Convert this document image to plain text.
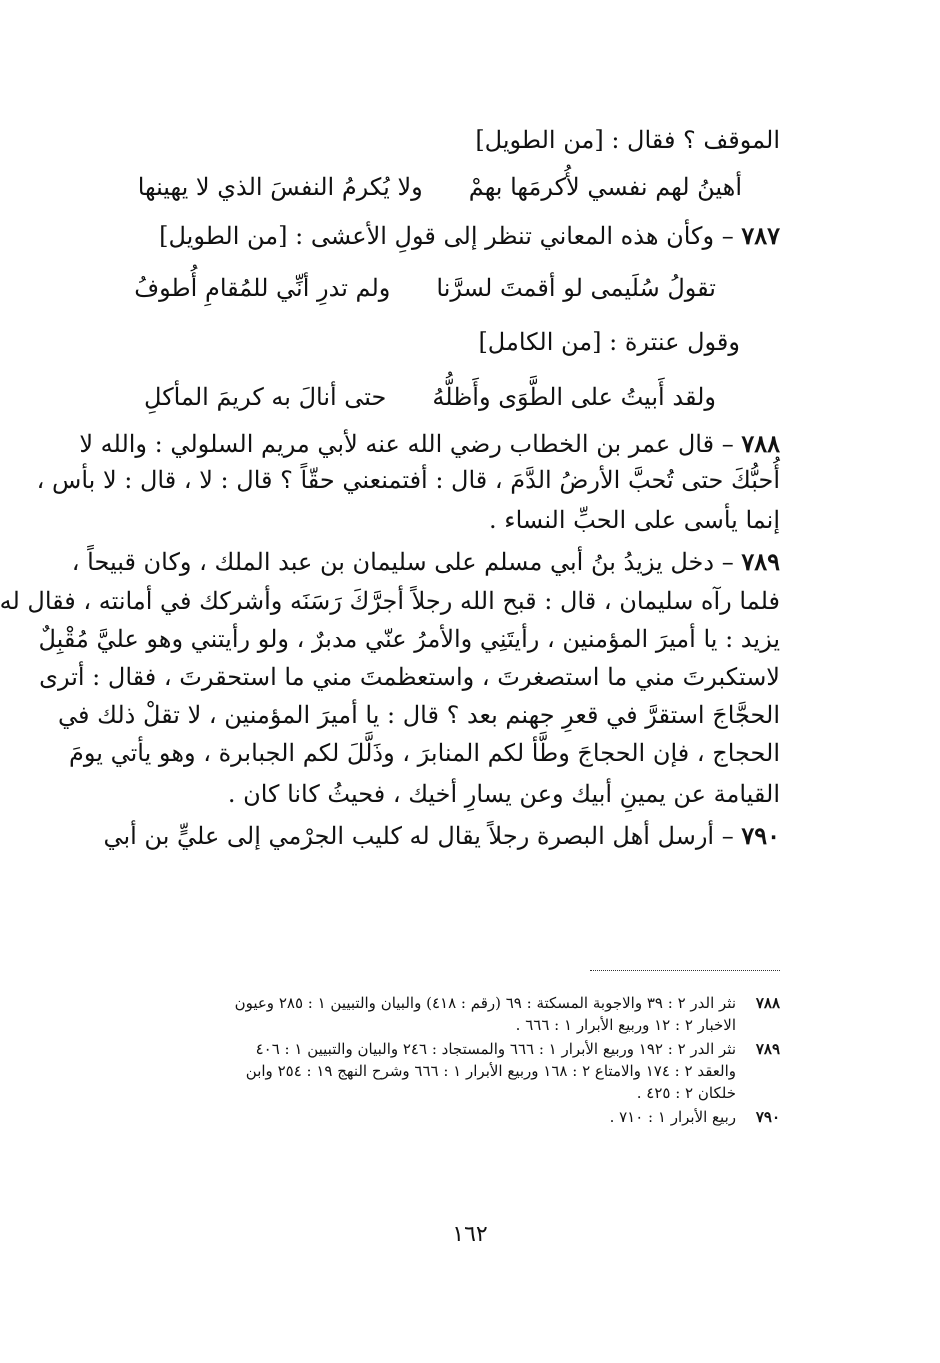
الموقف ؟ فقال : [من الطويل]
أهينُ لهم نفسي لأُكرمَها بهمْ
ولا يُكرمُ النفسَ الذي لا يهينها
٧٨٧ – وكأن هذه المعاني تنظر إلى قولِ الأعشى : [من الطويل]
تقولُ سُلَيمى لو أقمتَ لسرَّنا
ولم تدرِ أنِّي للمُقامِ أُطوفُ
وقول عنترة : [من الكامل]
ولقد أَبيتُ على الطَّوَى وأَظلُّهُ
حتى أنالَ به كريمَ المأكلِ
٧٨٨ – قال عمر بن الخطاب رضي الله عنه لأبي مريم السلولي : والله لا
أُحبُّكَ حتى تُحبَّ الأرضُ الدَّمَ ، قال : أفتمنعني حقّاً ؟ قال : لا ، قال : لا بأس ،
إنما يأسى على الحبِّ النساء .
٧٨٩ – دخل يزيدُ بنُ أبي مسلم على سليمان بن عبد الملك ، وكان قبيحاً ،
فلما رآه سليمان ، قال : قبح الله رجلاً أجرَّكَ رَسَنَه وأشركك في أمانته ، فقال له
يزيد : يا أميرَ المؤمنين ، رأيتَنِي والأمرُ عنّي مدبرٌ ، ولو رأيتني وهو عليَّ مُقْبِلٌ
لاستكبرتَ مني ما استصغرتَ ، واستعظمتَ مني ما استحقرتَ ، فقال : أترى
الحجَّاجَ استقرَّ في قعرِ جهنم بعد ؟ قال : يا أميرَ المؤمنين ، لا تقلْ ذلك في
الحجاج ، فإن الحجاجَ وطَّأ لكم المنابرَ ، وذَلَّلَ لكم الجبابرة ، وهو يأتي يومَ
القيامة عن يمينِ أبيك وعن يسارِ أخيك ، فحيثُ كانا كان .
٧٩٠ – أرسل أهل البصرة رجلاً يقال له كليب الجرْمي إلى عليٍّ بن أبي
٧٨٨
نثر الدر ٢ : ٣٩ والاجوبة المسكتة : ٦٩ (رقم : ٤١٨) والبيان والتبيين ١ : ٢٨٥ وعيون
الاخبار ٢ : ١٢ وربيع الأبرار ١ : ٦٦٦ .
٧٨٩
نثر الدر ٢ : ١٩٢ وربيع الأبرار ١ : ٦٦٦ والمستجاد : ٢٤٦ والبيان والتبيين ١ : ٤٠٦
والعقد ٢ : ١٧٤ والامتاع ٢ : ١٦٨ وربيع الأبرار ١ : ٦٦٦ وشرح النهج ١٩ : ٢٥٤ وابن
خلكان ٢ : ٤٢٥ .
٧٩٠
ربيع الأبرار ١ : ٧١٠ .
١٦٢
